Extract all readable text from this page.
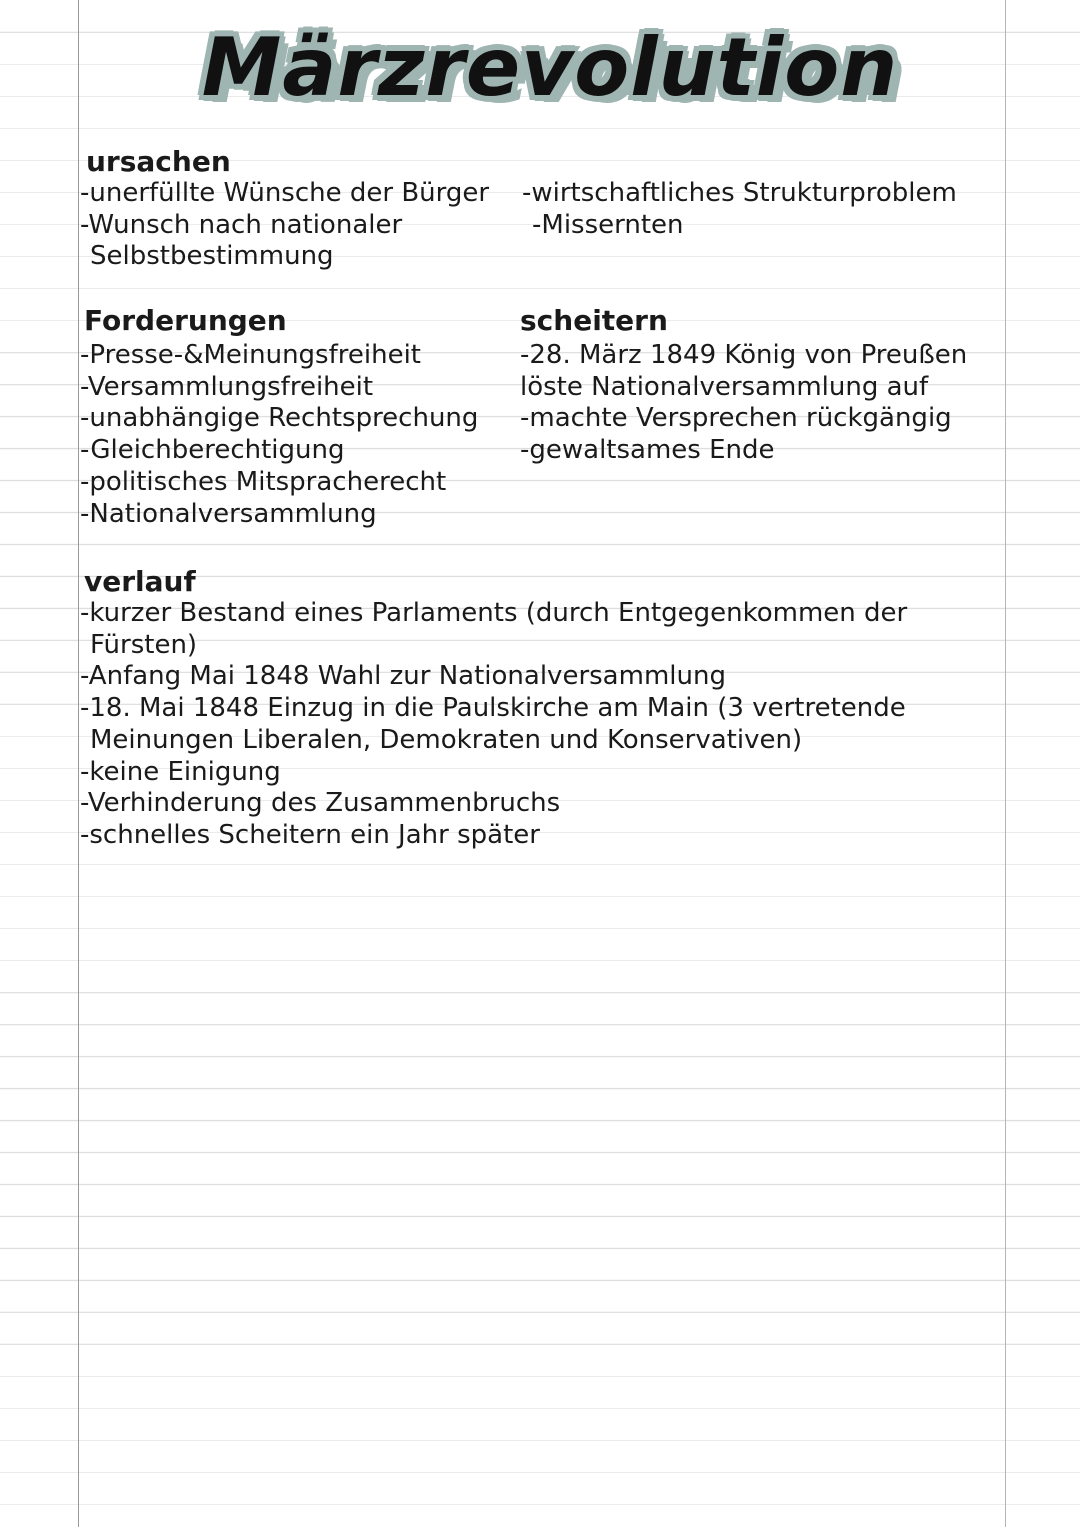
Märzrevolution
ursachen
-unerfüllte Wünsche der Bürger
-Wunsch nach nationaler
Selbstbestimmung
-wirtschaftliches Strukturproblem
-Missernten
Forderungen
-Presse-&Meinungsfreiheit
-Versammlungsfreiheit
-unabhängige Rechtsprechung
-Gleichberechtigung
-politisches Mitspracherecht
-Nationalversammlung
scheitern
-28. März 1849 König von Preußen
löste Nationalversammlung auf
-machte Versprechen rückgängig
-gewaltsames Ende
verlauf
-kurzer Bestand eines Parlaments (durch Entgegenkommen der
Fürsten)
-Anfang Mai 1848 Wahl zur Nationalversammlung
-18. Mai 1848 Einzug in die Paulskirche am Main (3 vertretende
Meinungen Liberalen, Demokraten und Konservativen)
-keine Einigung
-Verhinderung des Zusammenbruchs
-schnelles Scheitern ein Jahr später
